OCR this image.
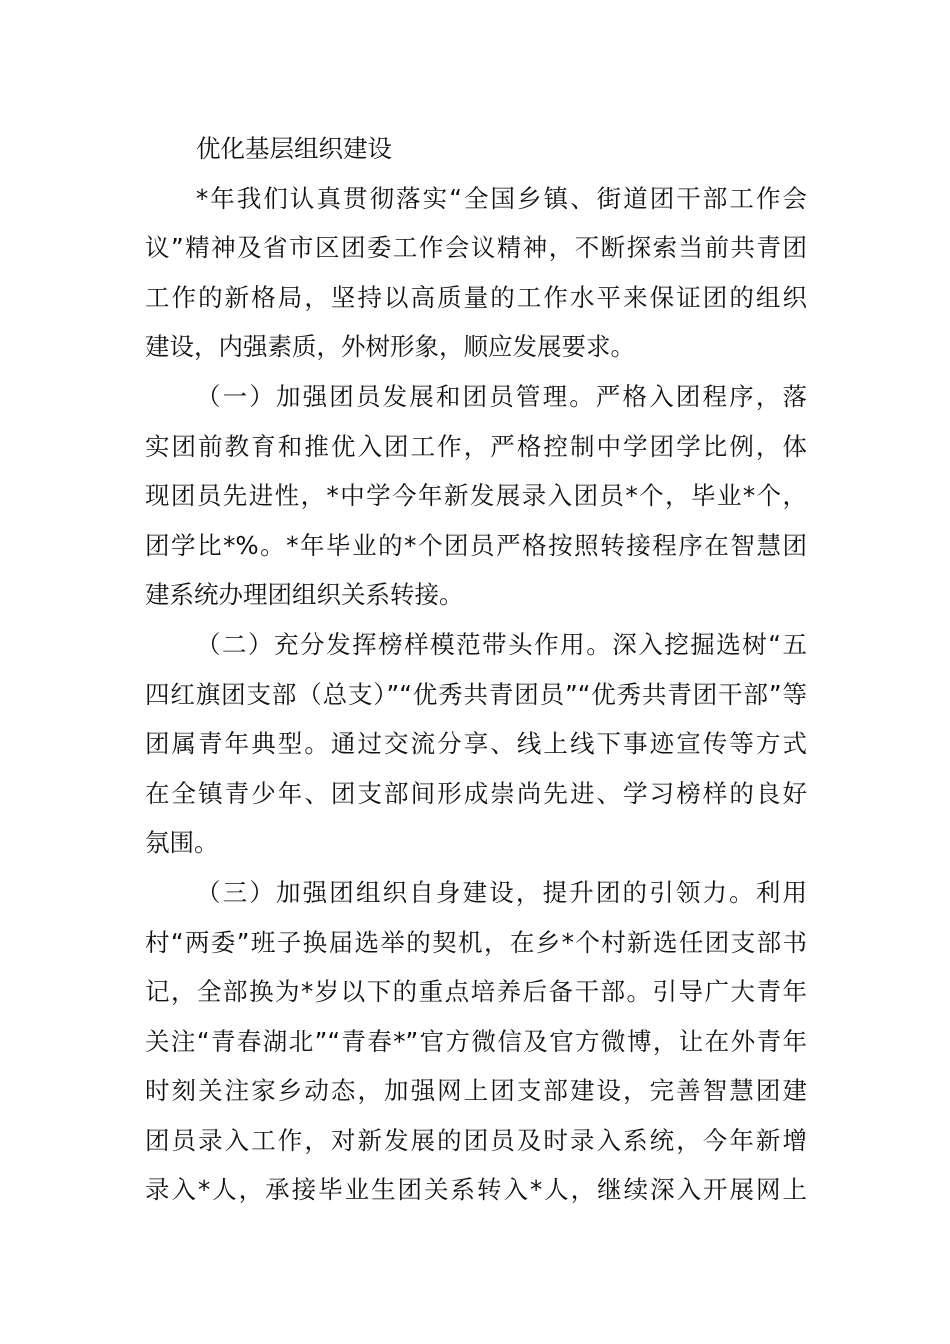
优化基层组织建设
*年我们认真贯彻落实“全国乡镇、街道团干部工作会
议”精神及省市区团委工作会议精神，不断探索当前共青团
工作的新格局，坚持以高质量的工作水平来保证团的组织
建设，内强素质，外树形象，顺应发展要求。
（一）加强团员发展和团员管理。严格入团程序，落
实团前教育和推优入团工作，严格控制中学团学比例，体
现团员先进性，*中学今年新发展录入团员*个，毕业*个，
团学比*%。*年毕业的*个团员严格按照转接程序在智慧团
建系统办理团组织关系转接。
（二）充分发挥榜样模范带头作用。深入挖掘选树“五
四红旗团支部（总支）”“优秀共青团员”“优秀共青团干部”等
团属青年典型。通过交流分享、线上线下事迹宣传等方式
在全镇青少年、团支部间形成崇尚先进、学习榜样的良好
氛围。
（三）加强团组织自身建设，提升团的引领力。利用
村“两委”班子换届选举的契机，在乡*个村新选任团支部书
记，全部换为*岁以下的重点培养后备干部。引导广大青年
关注“青春湖北”“青春*”官方微信及官方微博，让在外青年
时刻关注家乡动态，加强网上团支部建设，完善智慧团建
团员录入工作，对新发展的团员及时录入系统，今年新增
录入*人，承接毕业生团关系转入*人，继续深入开展网上
